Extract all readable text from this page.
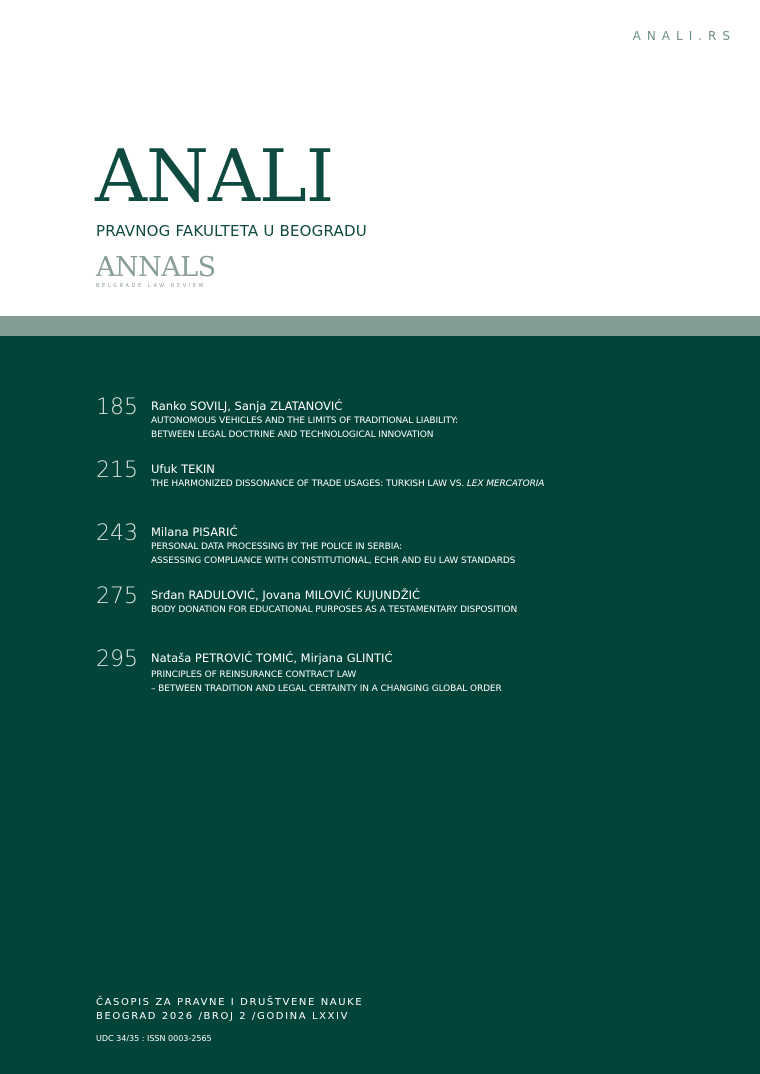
ANALI.RS
ANALI
PRAVNOG FAKULTETA U BEOGRADU
ANNALS
BELGRADE LAW REVIEW
185 Ranko SOVILJ, Sanja ZLATANOVIĆ
AUTONOMOUS VEHICLES AND THE LIMITS OF TRADITIONAL LIABILITY:
BETWEEN LEGAL DOCTRINE AND TECHNOLOGICAL INNOVATION
215 Ufuk TEKIN
THE HARMONIZED DISSONANCE OF TRADE USAGES: TURKISH LAW VS. LEX MERCATORIA
243 Milana PISARIĆ
PERSONAL DATA PROCESSING BY THE POLICE IN SERBIA:
ASSESSING COMPLIANCE WITH CONSTITUTIONAL, ECHR AND EU LAW STANDARDS
275 Srđan RADULOVIĆ, Jovana MILOVIĆ KUJUNDŽIĆ
BODY DONATION FOR EDUCATIONAL PURPOSES AS A TESTAMENTARY DISPOSITION
295 Nataša PETROVIĆ TOMIĆ, Mirjana GLINTIĆ
PRINCIPLES OF REINSURANCE CONTRACT LAW
– BETWEEN TRADITION AND LEGAL CERTAINTY IN A CHANGING GLOBAL ORDER
ČASOPIS ZA PRAVNE I DRUŠTVENE NAUKE
BEOGRAD 2026 /BROJ 2 /GODINA LXXIV
UDC 34/35 : ISSN 0003-2565
